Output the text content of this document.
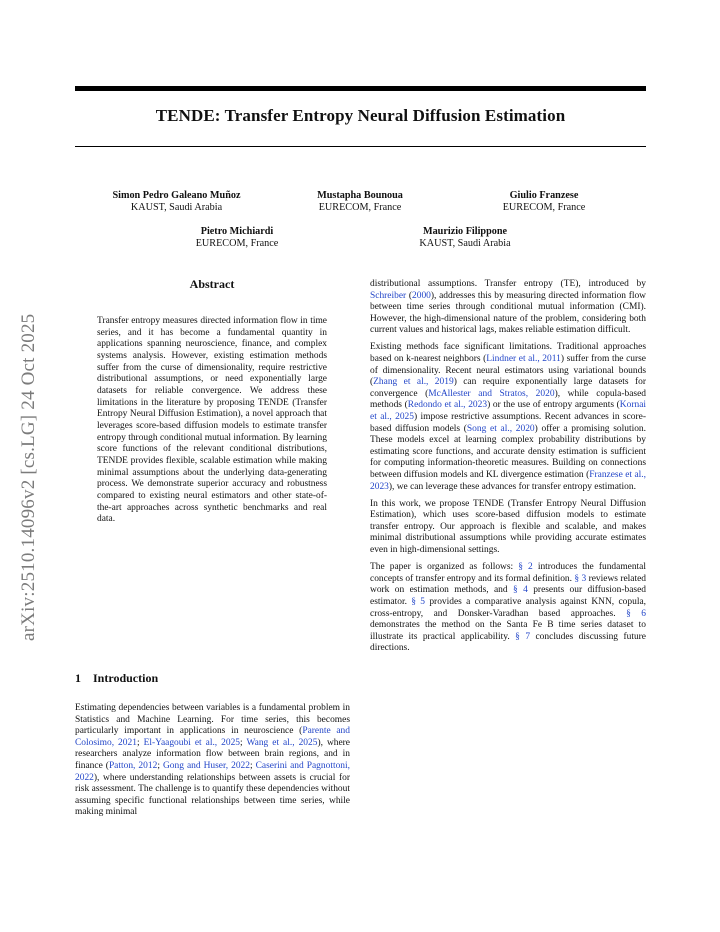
arXiv:2510.14096v2 [cs.LG] 24 Oct 2025
TENDE: Transfer Entropy Neural Diffusion Estimation
Simon Pedro Galeano Muñoz
KAUST, Saudi Arabia
Mustapha Bounoua
EURECOM, France
Giulio Franzese
EURECOM, France
Pietro Michiardi
EURECOM, France
Maurizio Filippone
KAUST, Saudi Arabia
Abstract
Transfer entropy measures directed information flow in time series, and it has become a fundamental quantity in applications spanning neuroscience, finance, and complex systems analysis. However, existing estimation methods suffer from the curse of dimensionality, require restrictive distributional assumptions, or need exponentially large datasets for reliable convergence. We address these limitations in the literature by proposing TENDE (Transfer Entropy Neural Diffusion Estimation), a novel approach that leverages score-based diffusion models to estimate transfer entropy through conditional mutual information. By learning score functions of the relevant conditional distributions, TENDE provides flexible, scalable estimation while making minimal assumptions about the underlying data-generating process. We demonstrate superior accuracy and robustness compared to existing neural estimators and other state-of-the-art approaches across synthetic benchmarks and real data.
1 Introduction

Estimating dependencies between variables is a fundamental problem in Statistics and Machine Learning. For time series, this becomes particularly important in applications in neuroscience (Parente and Colosimo, 2021; El-Yaagoubi et al., 2025; Wang et al., 2025), where researchers analyze information flow between brain regions, and in finance (Patton, 2012; Gong and Huser, 2022; Caserini and Pagnottoni, 2022), where understanding relationships between assets is crucial for risk assessment. The challenge is to quantify these dependencies without assuming specific functional relationships between time series, while making minimal

distributional assumptions. Transfer entropy (TE), introduced by Schreiber (2000), addresses this by measuring directed information flow between time series through conditional mutual information (CMI). However, the high-dimensional nature of the problem, considering both current values and historical lags, makes reliable estimation difficult.

Existing methods face significant limitations. Traditional approaches based on k-nearest neighbors (Lindner et al., 2011) suffer from the curse of dimensionality. Recent neural estimators using variational bounds (Zhang et al., 2019) can require exponentially large datasets for convergence (McAllester and Stratos, 2020), while copula-based methods (Redondo et al., 2023) or the use of entropy arguments (Kornai et al., 2025) impose restrictive assumptions. Recent advances in score-based diffusion models (Song et al., 2020) offer a promising solution. These models excel at learning complex probability distributions by estimating score functions, and accurate density estimation is sufficient for computing information-theoretic measures. Building on connections between diffusion models and KL divergence estimation (Franzese et al., 2023), we can leverage these advances for transfer entropy estimation.

In this work, we propose TENDE (Transfer Entropy Neural Diffusion Estimation), which uses score-based diffusion models to estimate transfer entropy. Our approach is flexible and scalable, and makes minimal distributional assumptions while providing accurate estimates even in high-dimensional settings.

The paper is organized as follows: § 2 introduces the fundamental concepts of transfer entropy and its formal definition. § 3 reviews related work on estimation methods, and § 4 presents our diffusion-based estimator. § 5 provides a comparative analysis against KNN, copula, cross-entropy, and Donsker-Varadhan based approaches. § 6 demonstrates the method on the Santa Fe B time series dataset to illustrate its practical applicability. § 7 concludes discussing future directions.
